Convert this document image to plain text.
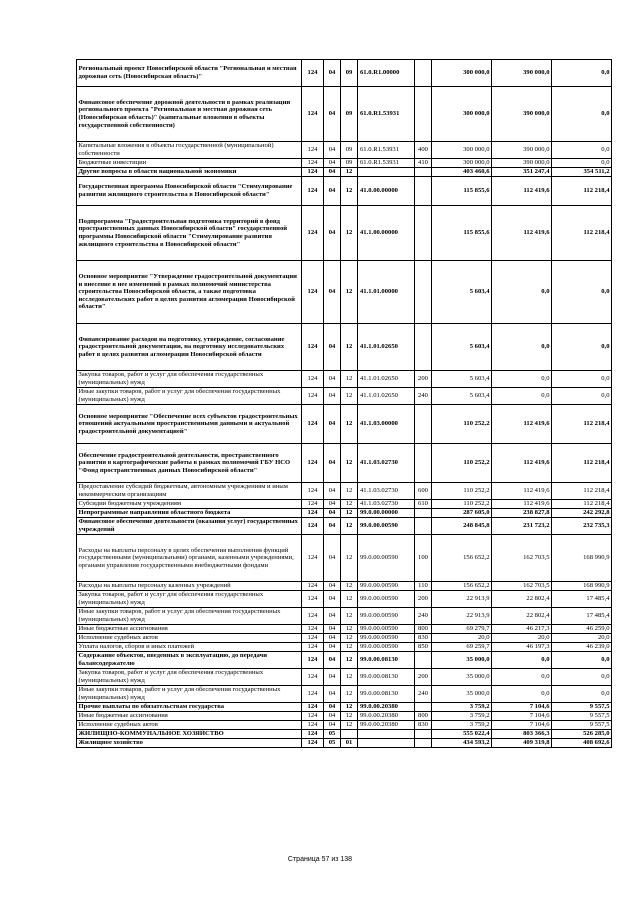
Региональный проект Новосибирской области "Региональная и местная дорожная сеть (Новосибирская область)"	124	04	09	61.0.R1.00000		300 000,0	390 000,0	0,0
Финансовое обеспечение дорожной деятельности в рамках реализации регионального проекта "Региональная и местная дорожная сеть (Новосибирская область)" (капитальные вложения в объекты государственной собственности)	124	04	09	61.0.R1.53931		300 000,0	390 000,0	0,0
Капитальные вложения в объекты государственной (муниципальной) собственности	124	04	09	61.0.R1.53931	400	300 000,0	390 000,0	0,0
Бюджетные инвестиции	124	04	09	61.0.R1.53931	410	300 000,0	390 000,0	0,0
Другие вопросы в области национальной экономики	124	04	12			403 460,6	351 247,4	354 511,2
Государственная программа Новосибирской области "Стимулирование развития жилищного строительства в Новосибирской области"	124	04	12	41.0.00.00000		115 855,6	112 419,6	112 218,4
Подпрограмма "Градостроительная подготовка территорий в фонд пространственных данных Новосибирской области" государственной программы Новосибирской области "Стимулирование развития жилищного строительства в Новосибирской области"	124	04	12	41.1.00.00000		115 855,6	112 419,6	112 218,4
Основное мероприятие "Утверждение градостроительной документации и внесение в нее изменений в рамках полномочий министерства строительства Новосибирской области, а также подготовка исследовательских работ в целях развития агломерации Новосибирской области"	124	04	12	41.1.01.00000		5 603,4	0,0	0,0
Финансирование расходов на подготовку, утверждение, согласование градостроительной документации, на подготовку исследовательских работ в целях развития агломерации Новосибирской области	124	04	12	41.1.01.02650		5 603,4	0,0	0,0
Закупка товаров, работ и услуг для обеспечения государственных (муниципальных) нужд	124	04	12	41.1.01.02650	200	5 603,4	0,0	0,0
Иные закупки товаров, работ и услуг для обеспечения государственных (муниципальных) нужд	124	04	12	41.1.01.02650	240	5 603,4	0,0	0,0
Основное мероприятие "Обеспечение всех субъектов градостроительных отношений актуальными пространственными данными и актуальной градостроительной документацией"	124	04	12	41.1.03.00000		110 252,2	112 419,6	112 218,4
Обеспечение градостроительной деятельности, пространственного развития в картографические работы в рамках полномочий ГБУ НСО "Фонд пространственных данных Новосибирской области"	124	04	12	41.1.03.02730		110 252,2	112 419,6	112 218,4
Предоставление субсидий бюджетным, автономным учреждениям и иным некоммерческим организациям	124	04	12	41.1.03.02730	600	110 252,2	112 419,6	112 218,4
Субсидии бюджетным учреждениям	124	04	12	41.1.03.02730	610	110 252,2	112 419,6	112 218,4
Непрограммные направления областного бюджета	124	04	12	99.0.00.00000		287 605,0	238 827,8	242 292,8
Финансовое обеспечение деятельности (оказания услуг) государственных учреждений	124	04	12	99.0.00.00590		248 845,8	231 723,2	232 735,3
Расходы на выплаты персоналу в целях обеспечения выполнения функций государственными (муниципальными) органами, казенными учреждениями, органами управления государственными внебюджетными фондами	124	04	12	99.0.00.00590	100	156 652,2	162 703,5	168 990,9
Расходы на выплаты персоналу казенных учреждений	124	04	12	99.0.00.00590	110	156 652,2	162 703,5	168 990,9
Закупка товаров, работ и услуг для обеспечения государственных (муниципальных) нужд	124	04	12	99.0.00.00590	200	22 913,9	22 802,4	17 485,4
Иные закупки товаров, работ и услуг для обеспечения государственных (муниципальных) нужд	124	04	12	99.0.00.00590	240	22 913,9	22 802,4	17 485,4
Иные бюджетные ассигнования	124	04	12	99.0.00.00590	800	69 279,7	46 217,3	46 259,0
Исполнение судебных актов	124	04	12	99.0.00.00590	830	20,0	20,0	20,0
Уплата налогов, сборов и иных платежей	124	04	12	99.0.00.00590	850	69 259,7	46 197,3	46 239,0
Содержание объектов, введенных в эксплуатацию, до передачи балансодержателю	124	04	12	99.0.00.08130		35 000,0	0,0	0,0
Закупка товаров, работ и услуг для обеспечения государственных (муниципальных) нужд	124	04	12	99.0.00.08130	200	35 000,0	0,0	0,0
Иные закупки товаров, работ и услуг для обеспечения государственных (муниципальных) нужд	124	04	12	99.0.00.08130	240	35 000,0	0,0	0,0
Прочие выплаты по обязательствам государства	124	04	12	99.0.00.20380		3 759,2	7 104,6	9 557,5
Иные бюджетные ассигнования	124	04	12	99.0.00.20380	800	3 759,2	7 104,6	9 557,5
Исполнение судебных актов	124	04	12	99.0.00.20380	830	3 759,2	7 104,6	9 557,5
ЖИЛИЩНО-КОММУНАЛЬНОЕ ХОЗЯЙСТВО	124	05				555 022,4	803 366,3	526 285,0
Жилищное хозяйство	124	05	01			434 593,2	409 319,8	408 692,6
Страница 57 из 138
